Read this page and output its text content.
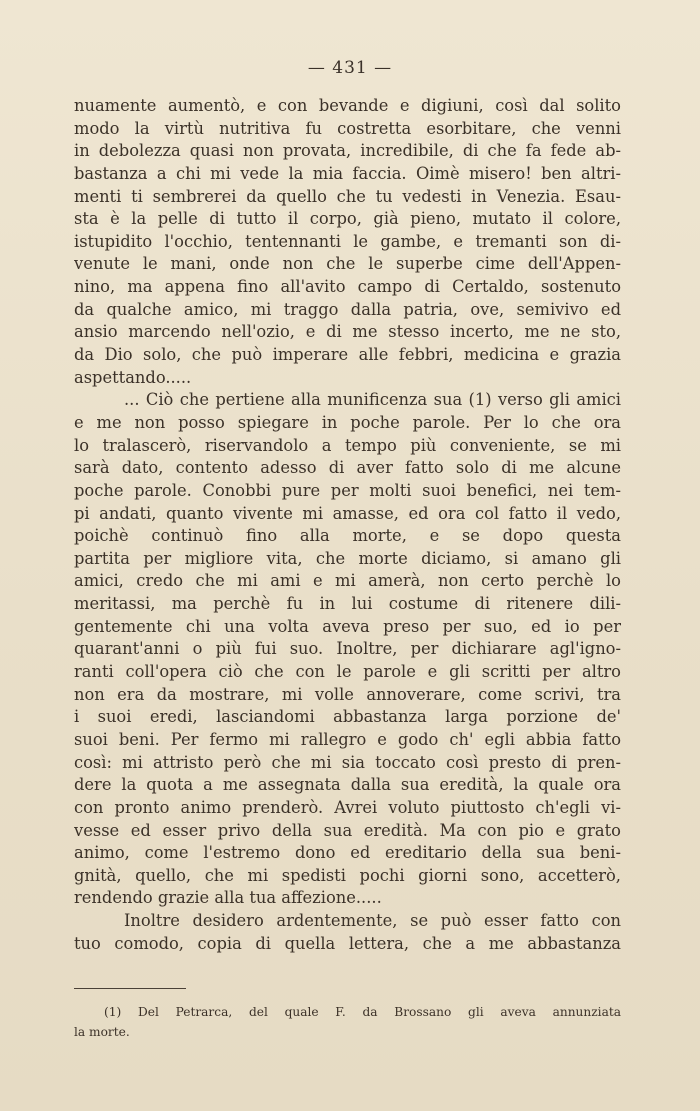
— 431 —
nuamente aumentò, e con bevande e digiuni, così dal solito
modo la virtù nutritiva fu costretta esorbitare, che venni
in debolezza quasi non provata, incredibile, di che fa fede ab-
bastanza a chi mi vede la mia faccia. Oimè misero! ben altri-
menti ti sembrerei da quello che tu vedesti in Venezia. Esau-
sta è la pelle di tutto il corpo, già pieno, mutato il colore,
istupidito l'occhio, tentennanti le gambe, e tremanti son di-
venute le mani, onde non che le superbe cime dell'Appen-
nino, ma appena fino all'avito campo di Certaldo, sostenuto
da qualche amico, mi traggo dalla patria, ove, semivivo ed
ansio marcendo nell'ozio, e di me stesso incerto, me ne sto,
da Dio solo, che può imperare alle febbri, medicina e grazia
aspettando.....
... Ciò che pertiene alla munificenza sua (1) verso gli amici
e me non posso spiegare in poche parole. Per lo che ora
lo tralascerò, riservandolo a tempo più conveniente, se mi
sarà dato, contento adesso di aver fatto solo di me alcune
poche parole. Conobbi pure per molti suoi benefici, nei tem-
pi andati, quanto vivente mi amasse, ed ora col fatto il vedo,
poichè continuò fino alla morte, e se dopo questa
partita per migliore vita, che morte diciamo, si amano gli
amici, credo che mi ami e mi amerà, non certo perchè lo
meritassi, ma perchè fu in lui costume di ritenere dili-
gentemente chi una volta aveva preso per suo, ed io per
quarant'anni o più fui suo. Inoltre, per dichiarare agl'igno-
ranti coll'opera ciò che con le parole e gli scritti per altro
non era da mostrare, mi volle annoverare, come scrivi, tra
i suoi eredi, lasciandomi abbastanza larga porzione de'
suoi beni. Per fermo mi rallegro e godo ch' egli abbia fatto
così: mi attristo però che mi sia toccato così presto di pren-
dere la quota a me assegnata dalla sua eredità, la quale ora
con pronto animo prenderò. Avrei voluto piuttosto ch'egli vi-
vesse ed esser privo della sua eredità. Ma con pio e grato
animo, come l'estremo dono ed ereditario della sua beni-
gnità, quello, che mi spedisti pochi giorni sono, accetterò,
rendendo grazie alla tua affezione.....
Inoltre desidero ardentemente, se può esser fatto con
tuo comodo, copia di quella lettera, che a me abbastanza
(1) Del Petrarca, del quale F. da Brossano gli aveva annunziata
la morte.
